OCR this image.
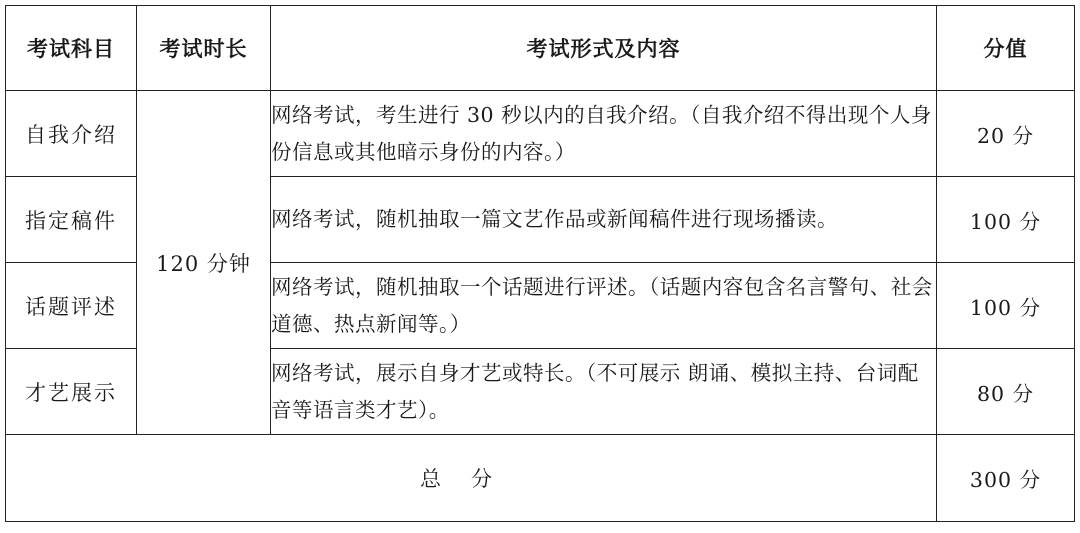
考试科目	考试时长	考试形式及内容	分值
自我介绍	120 分钟	网络考试，考生进行 30 秒以内的自我介绍。（自我介绍不得出现个人身份信息或其他暗示身份的内容。）	20 分
指定稿件		网络考试，随机抽取一篇文艺作品或新闻稿件进行现场播读。	100 分
话题评述		网络考试，随机抽取一个话题进行评述。（话题内容包含名言警句、社会道德、热点新闻等。）	100 分
才艺展示		网络考试，展示自身才艺或特长。（不可展示 朗诵、模拟主持、台词配音等语言类才艺）。	80 分
总分			300 分
